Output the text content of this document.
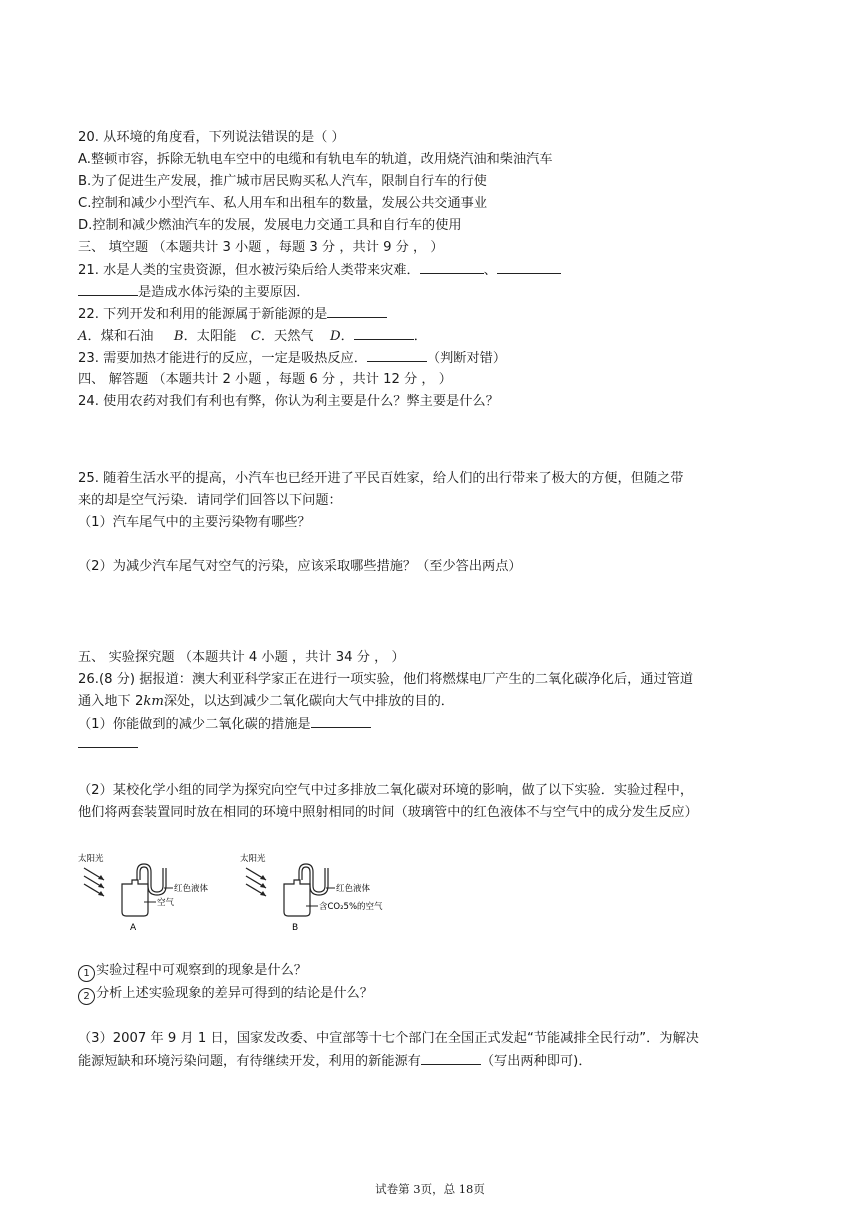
20. 从环境的角度看，下列说法错误的是（ ）
A.整顿市容，拆除无轨电车空中的电缆和有轨电车的轨道，改用烧汽油和柴油汽车
B.为了促进生产发展，推广城市居民购买私人汽车，限制自行车的行使
C.控制和减少小型汽车、私人用车和出租车的数量，发展公共交通事业
D.控制和减少燃油汽车的发展，发展电力交通工具和自行车的使用
三、 填空题 （本题共计 3 小题 ，每题 3 分 ，共计 9 分 ， ）
21. 水是人类的宝贵资源，但水被污染后给人类带来灾难．	、
是造成水体污染的主要原因．
22. 下列开发和利用的能源属于新能源的是
A．煤和石油 B．太阳能 C．天然气 D．	．
23. 需要加热才能进行的反应，一定是吸热反应．	（判断对错）
四、 解答题 （本题共计 2 小题 ，每题 6 分 ，共计 12 分 ， ）
24. 使用农药对我们有利也有弊，你认为利主要是什么？弊主要是什么？
25. 随着生活水平的提高，小汽车也已经开进了平民百姓家，给人们的出行带来了极大的方便，但随之带
来的却是空气污染．请同学们回答以下问题：
（1）汽车尾气中的主要污染物有哪些？
（2）为减少汽车尾气对空气的污染，应该采取哪些措施？（至少答出两点）
五、 实验探究题 （本题共计 4 小题 ，共计 34 分 ， ）
26.(8 分) 据报道：澳大利亚科学家正在进行一项实验，他们将燃煤电厂产生的二氧化碳净化后，通过管道
通入地下 2km深处，以达到减少二氧化碳向大气中排放的目的．
（1）你能做到的减少二氧化碳的措施是
（2）某校化学小组的同学为探究向空气中过多排放二氧化碳对环境的影响，做了以下实验．实验过程中，
他们将两套装置同时放在相同的环境中照射相同的时间（玻璃管中的红色液体不与空气中的成分发生反应）
太阳光
红色液体
空气
A
太阳光
红色液体
含CO₂5%的空气
B
1 实验过程中可观察到的现象是什么？
2 分析上述实验现象的差异可得到的结论是什么？
（3）2007 年 9 月 1 日，国家发改委、中宣部等十七个部门在全国正式发起“节能减排全民行动”．为解决
能源短缺和环境污染问题，有待继续开发，利用的新能源有	（写出两种即可)．
试卷第 3页，总 18页
